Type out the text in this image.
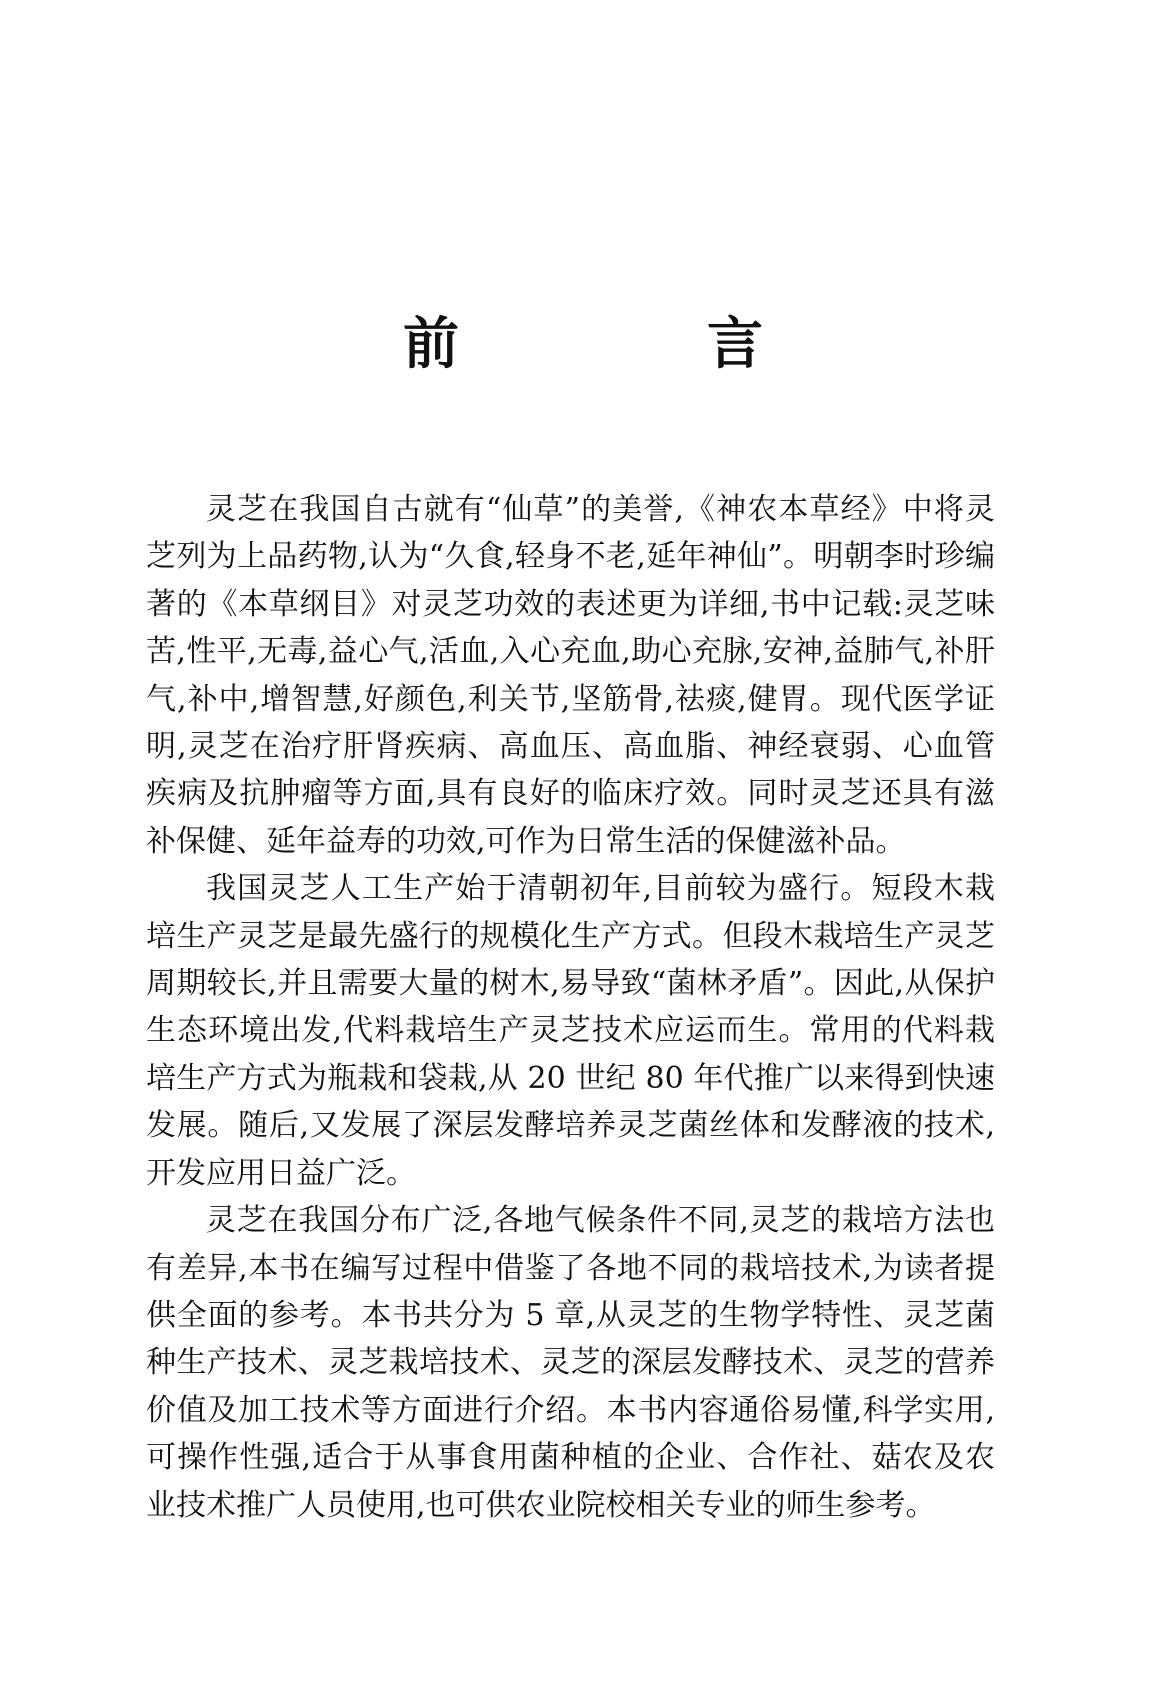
前　言

灵芝在我国自古就有“仙草”的美誉,《神农本草经》中将灵芝列为上品药物,认为“久食,轻身不老,延年神仙”。明朝李时珍编著的《本草纲目》对灵芝功效的表述更为详细,书中记载:灵芝味苦,性平,无毒,益心气,活血,入心充血,助心充脉,安神,益肺气,补肝气,补中,增智慧,好颜色,利关节,坚筋骨,祛痰,健胃。现代医学证明,灵芝在治疗肝肾疾病、高血压、高血脂、神经衰弱、心血管疾病及抗肿瘤等方面,具有良好的临床疗效。同时灵芝还具有滋补保健、延年益寿的功效,可作为日常生活的保健滋补品。

我国灵芝人工生产始于清朝初年,目前较为盛行。短段木栽培生产灵芝是最先盛行的规模化生产方式。但段木栽培生产灵芝周期较长,并且需要大量的树木,易导致“菌林矛盾”。因此,从保护生态环境出发,代料栽培生产灵芝技术应运而生。常用的代料栽培生产方式为瓶栽和袋栽,从 20 世纪 80 年代推广以来得到快速发展。随后,又发展了深层发酵培养灵芝菌丝体和发酵液的技术,开发应用日益广泛。

灵芝在我国分布广泛,各地气候条件不同,灵芝的栽培方法也有差异,本书在编写过程中借鉴了各地不同的栽培技术,为读者提供全面的参考。本书共分为 5 章,从灵芝的生物学特性、灵芝菌种生产技术、灵芝栽培技术、灵芝的深层发酵技术、灵芝的营养价值及加工技术等方面进行介绍。本书内容通俗易懂,科学实用,可操作性强,适合于从事食用菌种植的企业、合作社、菇农及农业技术推广人员使用,也可供农业院校相关专业的师生参考。
